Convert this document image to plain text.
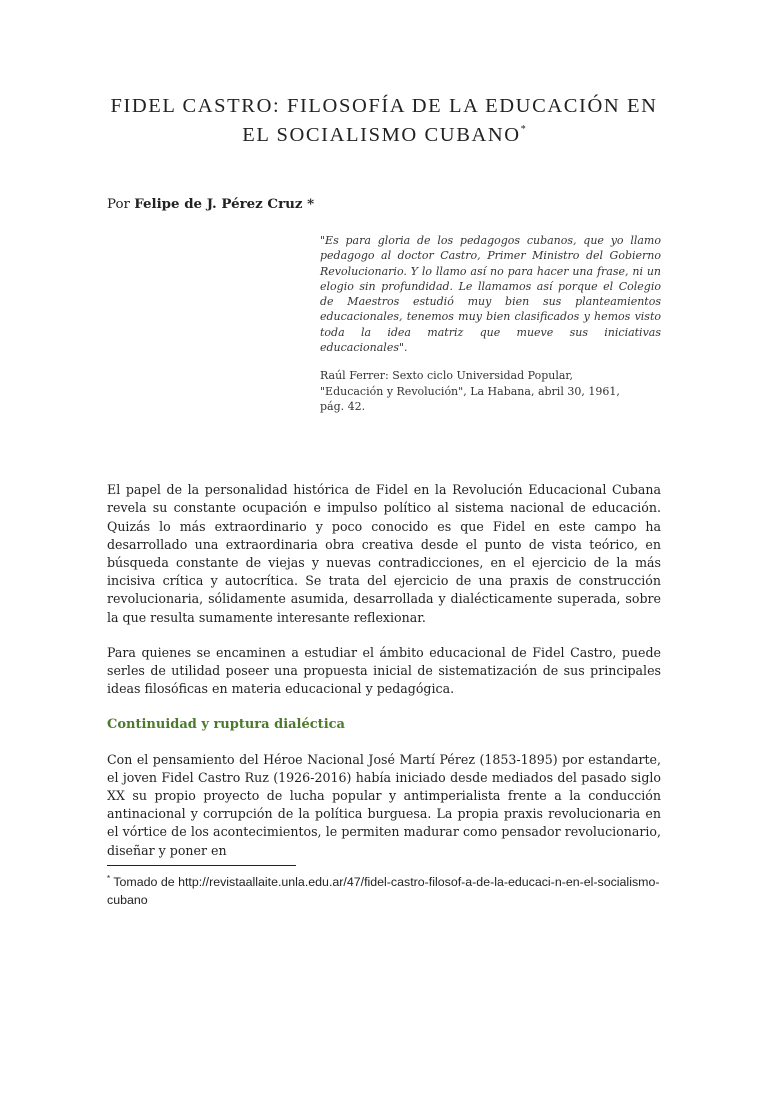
FIDEL CASTRO: FILOSOFÍA DE LA EDUCACIÓN EN
EL SOCIALISMO CUBANO*

Por Felipe de J. Pérez Cruz *

"Es para gloria de los pedagogos cubanos, que yo llamo pedagogo al doctor Castro, Primer Ministro del Gobierno Revolucionario. Y lo llamo así no para hacer una frase, ni un elogio sin profundidad. Le llamamos así porque el Colegio de Maestros estudió muy bien sus planteamientos educacionales, tenemos muy bien clasificados y hemos visto toda la idea matriz que mueve sus iniciativas educacionales".

Raúl Ferrer: Sexto ciclo Universidad Popular,
"Educación y Revolución", La Habana, abril 30, 1961,
pág. 42.

El papel de la personalidad histórica de Fidel en la Revolución Educacional Cubana revela su constante ocupación e impulso político al sistema nacional de educación. Quizás lo más extraordinario y poco conocido es que Fidel en este campo ha desarrollado una extraordinaria obra creativa desde el punto de vista teórico, en búsqueda constante de viejas y nuevas contradicciones, en el ejercicio de la más incisiva crítica y autocrítica. Se trata del ejercicio de una praxis de construcción revolucionaria, sólidamente asumida, desarrollada y dialécticamente superada, sobre la que resulta sumamente interesante reflexionar.

Para quienes se encaminen a estudiar el ámbito educacional de Fidel Castro, puede serles de utilidad poseer una propuesta inicial de sistematización de sus principales ideas filosóficas en materia educacional y pedagógica.

Continuidad y ruptura dialéctica

Con el pensamiento del Héroe Nacional José Martí Pérez (1853-1895) por estandarte, el joven Fidel Castro Ruz (1926-2016) había iniciado desde mediados del pasado siglo XX su propio proyecto de lucha popular y antimperialista frente a la conducción antinacional y corrupción de la política burguesa. La propia praxis revolucionaria en el vórtice de los acontecimientos, le permiten madurar como pensador revolucionario, diseñar y poner en

* Tomado de http://revistaallaite.unla.edu.ar/47/fidel-castro-filosof-a-de-la-educaci-n-en-el-socialismo-cubano
